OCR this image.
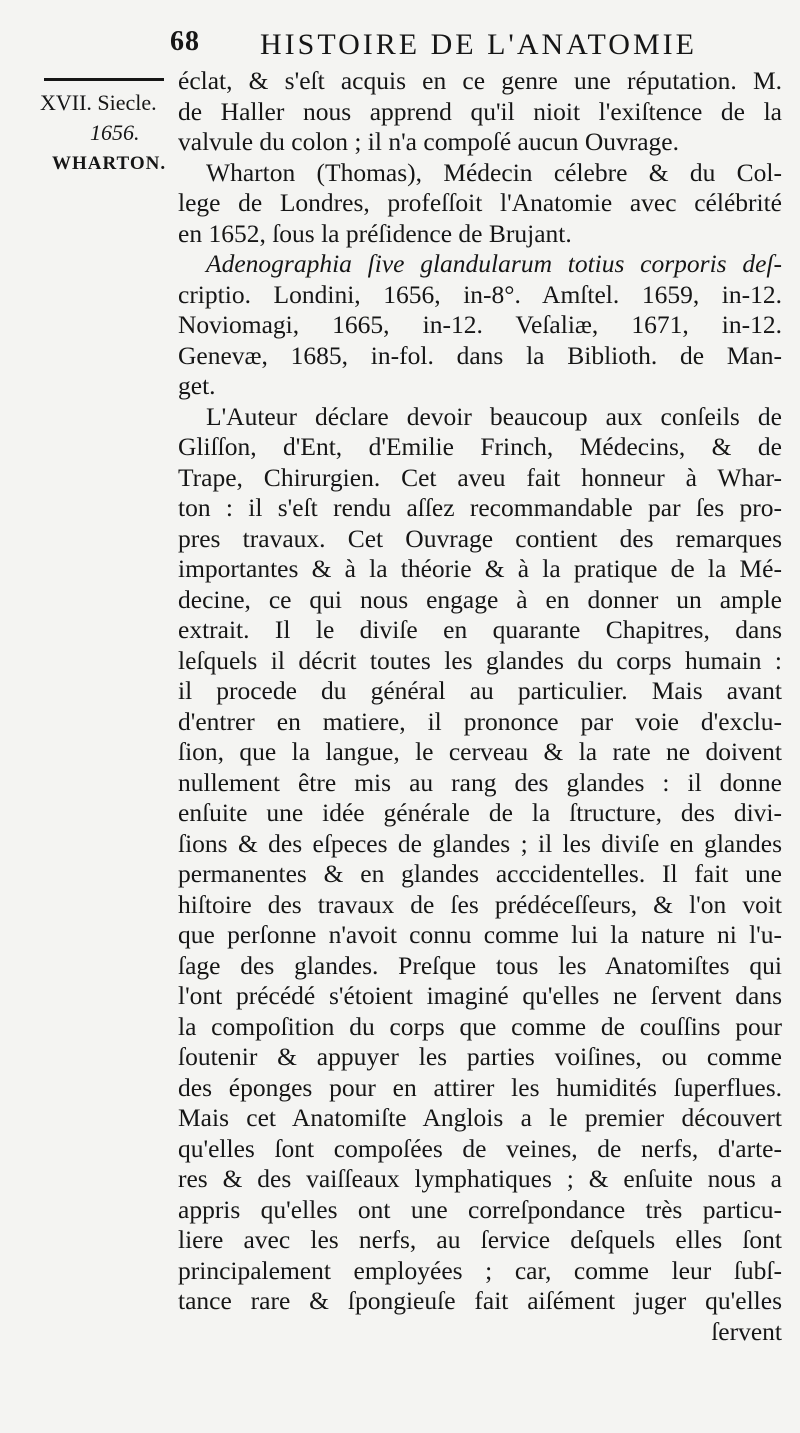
68 HISTOIRE DE L'ANATOMIE
XVII. Siecle.
1656.
WHARTON.
éclat, & s'eſt acquis en ce genre une réputation. M.
de Haller nous apprend qu'il nioit l'exiſtence de la
valvule du colon ; il n'a compoſé aucun Ouvrage.
Wharton (Thomas), Médecin célebre & du Col-
lege de Londres, profeſſoit l'Anatomie avec célébrité
en 1652, ſous la préſidence de Brujant.
Adenographia ſive glandularum totius corporis deſ-
criptio. Londini, 1656, in-8°. Amſtel. 1659, in-12.
Noviomagi, 1665, in-12. Veſaliæ, 1671, in-12.
Genevæ, 1685, in-fol. dans la Biblioth. de Man-
get.
L'Auteur déclare devoir beaucoup aux conſeils de
Gliſſon, d'Ent, d'Emilie Frinch, Médecins, & de
Trape, Chirurgien. Cet aveu fait honneur à Whar-
ton : il s'eſt rendu aſſez recommandable par ſes pro-
pres travaux. Cet Ouvrage contient des remarques
importantes & à la théorie & à la pratique de la Mé-
decine, ce qui nous engage à en donner un ample
extrait. Il le diviſe en quarante Chapitres, dans
leſquels il décrit toutes les glandes du corps humain :
il procede du général au particulier. Mais avant
d'entrer en matiere, il prononce par voie d'exclu-
ſion, que la langue, le cerveau & la rate ne doivent
nullement être mis au rang des glandes : il donne
enſuite une idée générale de la ſtructure, des divi-
ſions & des eſpeces de glandes ; il les diviſe en glandes
permanentes & en glandes acccidentelles. Il fait une
hiſtoire des travaux de ſes prédéceſſeurs, & l'on voit
que perſonne n'avoit connu comme lui la nature ni l'u-
ſage des glandes. Preſque tous les Anatomiſtes qui
l'ont précédé s'étoient imaginé qu'elles ne ſervent dans
la compoſition du corps que comme de couſſins pour
ſoutenir & appuyer les parties voiſines, ou comme
des éponges pour en attirer les humidités ſuperflues.
Mais cet Anatomiſte Anglois a le premier découvert
qu'elles ſont compoſées de veines, de nerfs, d'arte-
res & des vaiſſeaux lymphatiques ; & enſuite nous a
appris qu'elles ont une correſpondance très particu-
liere avec les nerfs, au ſervice deſquels elles ſont
principalement employées ; car, comme leur ſubſ-
tance rare & ſpongieuſe fait aiſément juger qu'elles
ſervent
